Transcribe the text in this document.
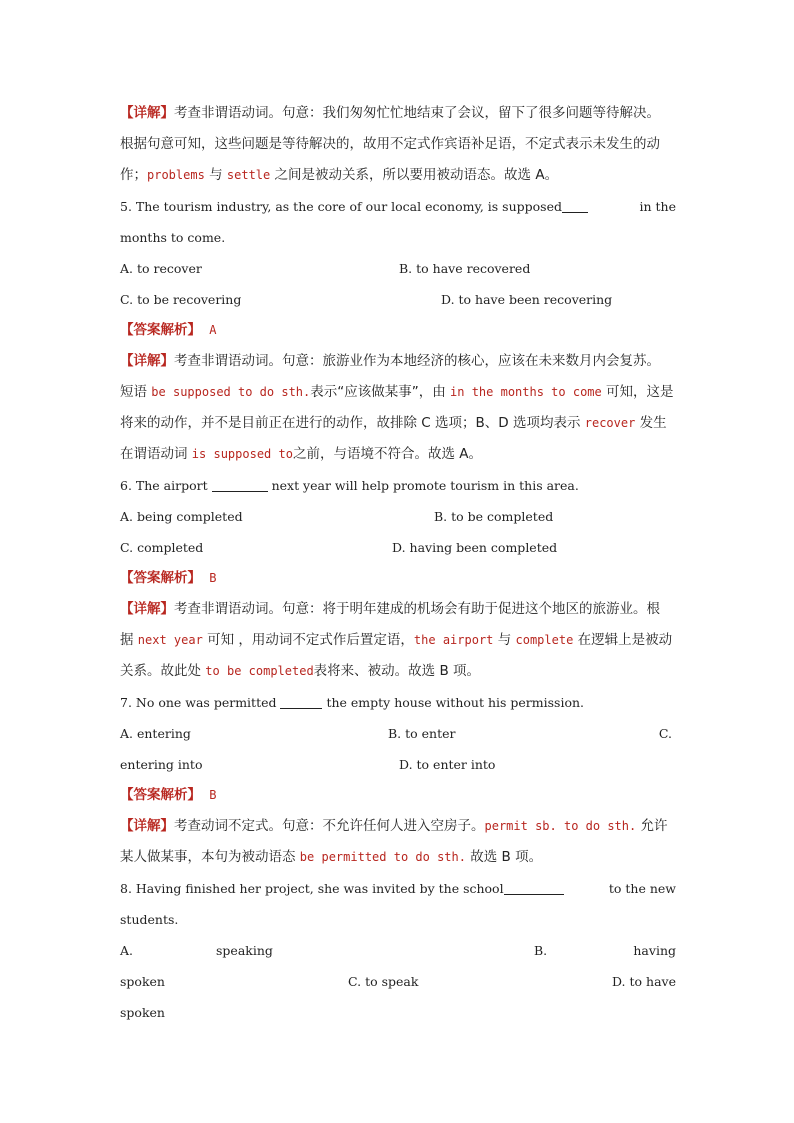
【详解】考查非谓语动词。句意：我们匆匆忙忙地结束了会议，留下了很多问题等待解决。
根据句意可知，这些问题是等待解决的，故用不定式作宾语补足语，不定式表示未发生的动
作；problems 与 settle 之间是被动关系，所以要用被动语态。故选 A。
5. The tourism industry, as the core of our local economy, is supposed	in the
months to come.
A. to recover	B. to have recovered
C. to be recovering	D. to have been recovering
【答案解析】 A
【详解】考查非谓语动词。句意：旅游业作为本地经济的核心，应该在未来数月内会复苏。
短语 be supposed to do sth.表示“应该做某事”，由 in the months to come 可知，这是
将来的动作，并不是目前正在进行的动作，故排除 C 选项；B、D 选项均表示 recover 发生
在谓语动词 is supposed to之前，与语境不符合。故选 A。
6. The airport	next year will help promote tourism in this area.
A. being completed	B. to be completed
C. completed	D. having been completed
【答案解析】 B
【详解】考查非谓语动词。句意：将于明年建成的机场会有助于促进这个地区的旅游业。根
据 next year 可知 ，用动词不定式作后置定语，the airport 与 complete 在逻辑上是被动
关系。故此处 to be completed表将来、被动。故选 B 项。
7. No one was permitted	the empty house without his permission.
A. entering	B. to enter	C.
entering into	D. to enter into
【答案解析】 B
【详解】考查动词不定式。句意：不允许任何人进入空房子。permit sb. to do sth. 允许
某人做某事，本句为被动语态 be permitted to do sth. 故选 B 项。
8. Having finished her project, she was invited by the school	to the new
students.
A.	speaking	B.	having
spoken	C. to speak	D. to have
spoken
